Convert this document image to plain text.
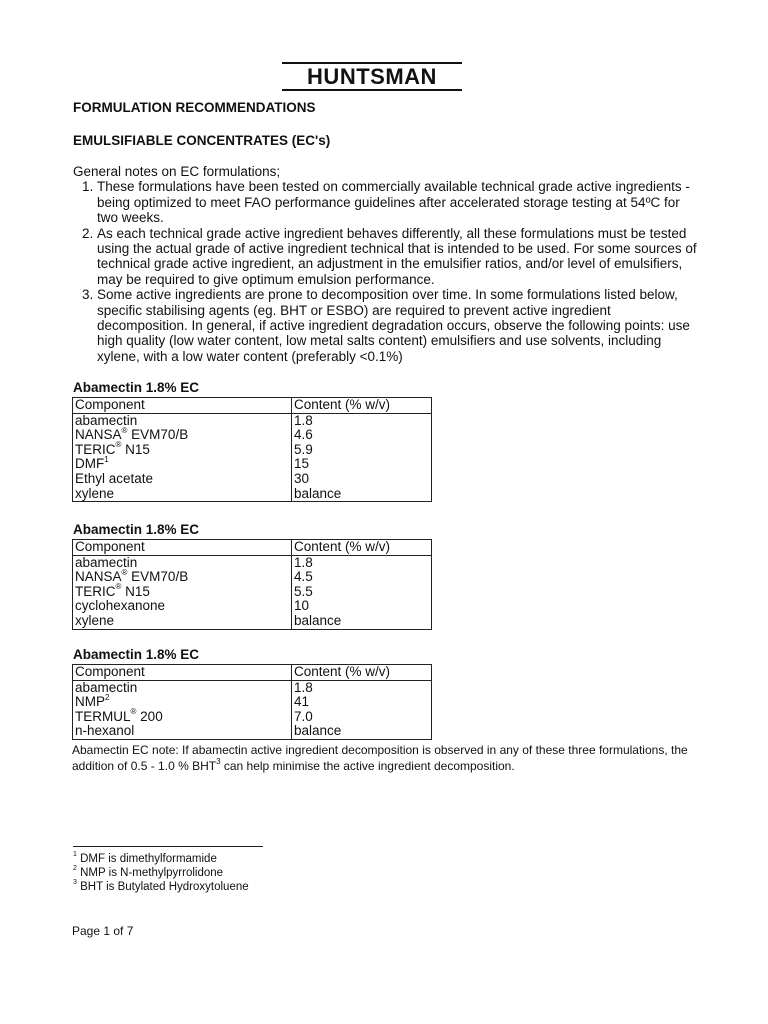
HUNTSMAN
FORMULATION RECOMMENDATIONS
EMULSIFIABLE CONCENTRATES (EC's)

General notes on EC formulations;

1. These formulations have been tested on commercially available technical grade active ingredients - being optimized to meet FAO performance guidelines after accelerated storage testing at 54ºC for two weeks.
2. As each technical grade active ingredient behaves differently, all these formulations must be tested using the actual grade of active ingredient technical that is intended to be used. For some sources of technical grade active ingredient, an adjustment in the emulsifier ratios, and/or level of emulsifiers, may be required to give optimum emulsion performance.
3. Some active ingredients are prone to decomposition over time. In some formulations listed below, specific stabilising agents (eg. BHT or ESBO) are required to prevent active ingredient decomposition. In general, if active ingredient degradation occurs, observe the following points: use high quality (low water content, low metal salts content) emulsifiers and use solvents, including xylene, with a low water content (preferably <0.1%)
Abamectin 1.8% EC
Component	Content (% w/v)
abamectin	1.8
NANSA® EVM70/B	4.6
TERIC® N15	5.9
DMF$^1$	15
Ethyl acetate	30
xylene	balance
Abamectin 1.8% EC
Component	Content (% w/v)
abamectin	1.8
NANSA® EVM70/B	4.5
TERIC® N15	5.5
cyclohexanone	10
xylene	balance
Abamectin 1.8% EC
Component	Content (% w/v)
abamectin	1.8
NMP$^2$	41
TERMUL® 200	7.0
n-hexanol	balance
Abamectin EC note: If abamectin active ingredient decomposition is observed in any of these three formulations, the addition of 0.5 - 1.0 % BHT$^3$ can help minimise the active ingredient decomposition.
$^1$ DMF is dimethylformamide
$^2$ NMP is N-methylpyrrolidone
$^3$ BHT is Butylated Hydroxytoluene
Page 1 of 7
